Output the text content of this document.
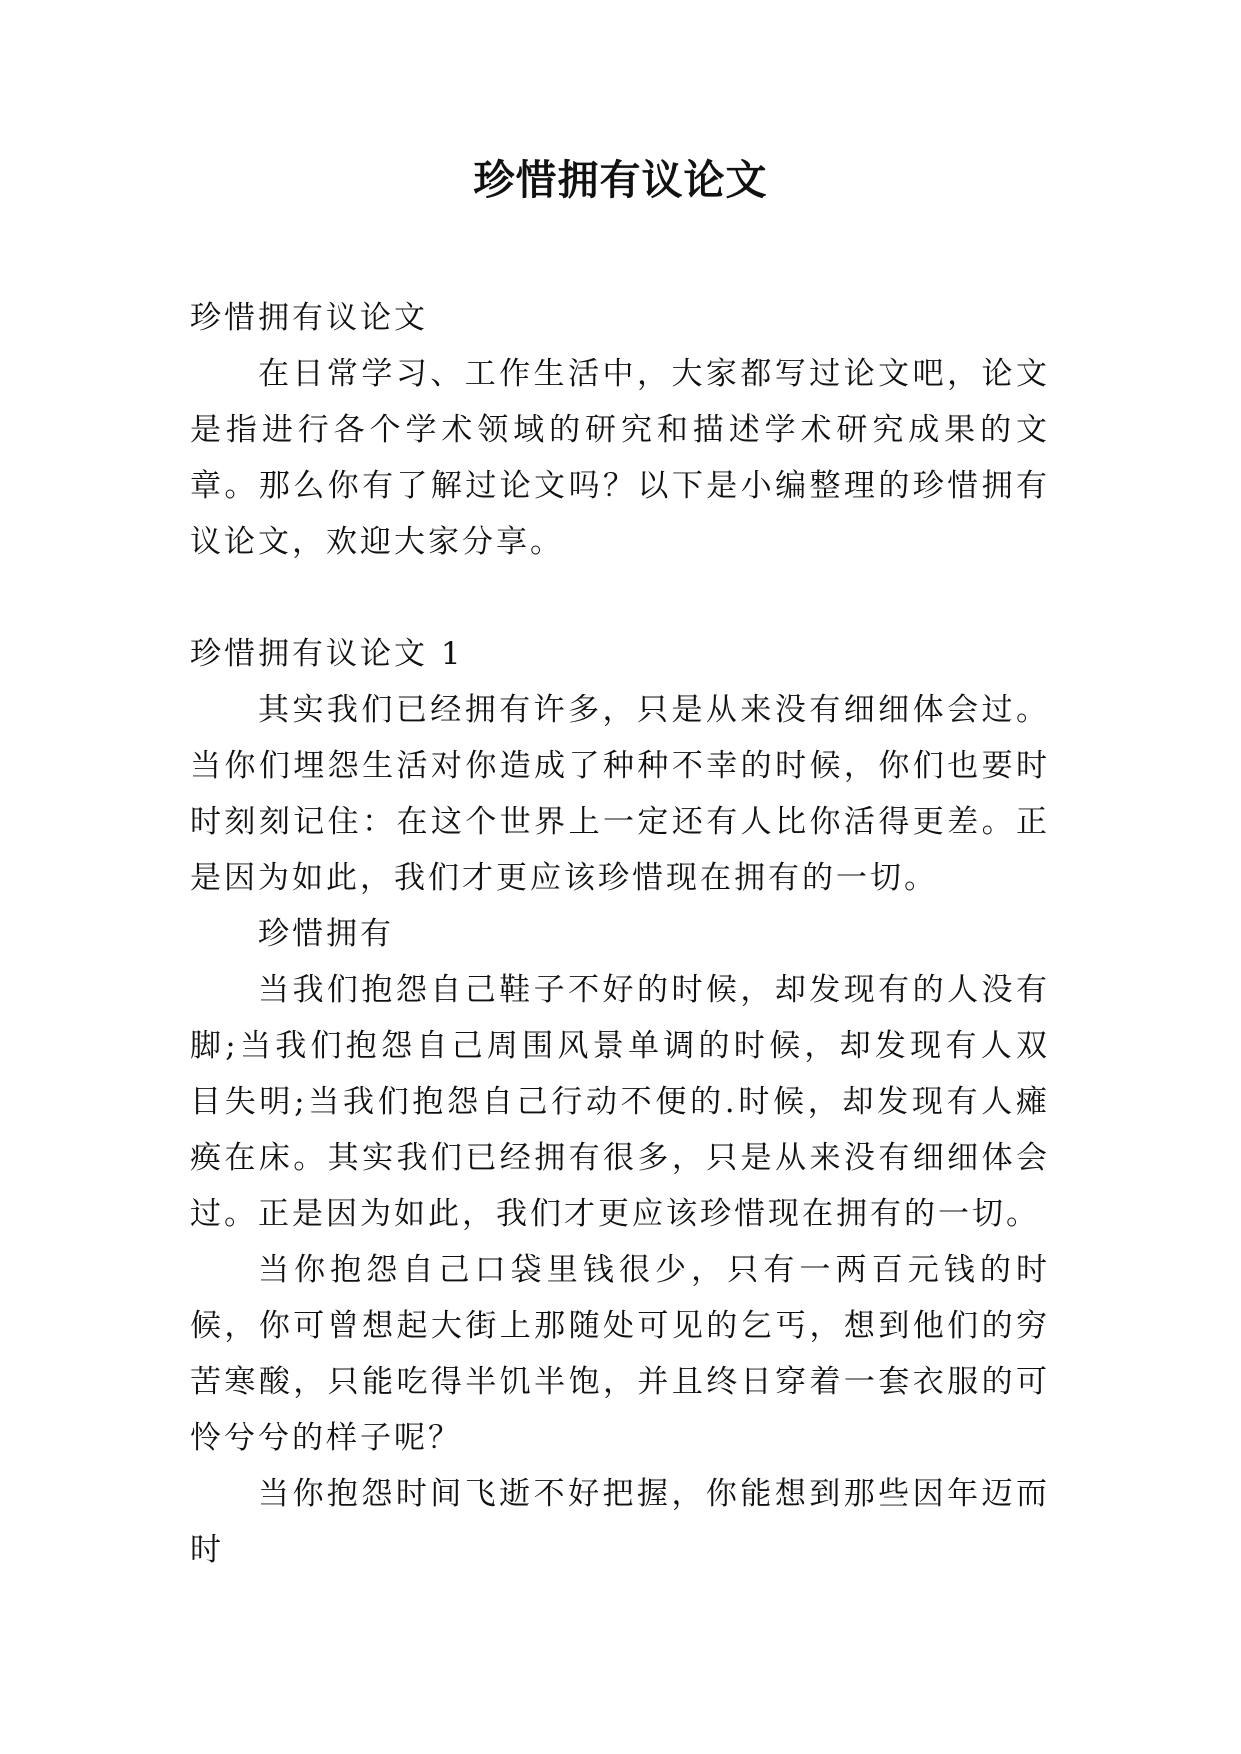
珍惜拥有议论文

珍惜拥有议论文

在日常学习、工作生活中，大家都写过论文吧，论文是指进行各个学术领域的研究和描述学术研究成果的文章。那么你有了解过论文吗？以下是小编整理的珍惜拥有议论文，欢迎大家分享。

珍惜拥有议论文 1

其实我们已经拥有许多，只是从来没有细细体会过。当你们埋怨生活对你造成了种种不幸的时候，你们也要时时刻刻记住：在这个世界上一定还有人比你活得更差。正是因为如此，我们才更应该珍惜现在拥有的一切。

珍惜拥有

当我们抱怨自己鞋子不好的时候，却发现有的人没有脚;当我们抱怨自己周围风景单调的时候，却发现有人双目失明;当我们抱怨自己行动不便的.时候，却发现有人瘫痪在床。其实我们已经拥有很多，只是从来没有细细体会过。正是因为如此，我们才更应该珍惜现在拥有的一切。

当你抱怨自己口袋里钱很少，只有一两百元钱的时候，你可曾想起大街上那随处可见的乞丐，想到他们的穷苦寒酸，只能吃得半饥半饱，并且终日穿着一套衣服的可怜兮兮的样子呢？

当你抱怨时间飞逝不好把握，你能想到那些因年迈而时
